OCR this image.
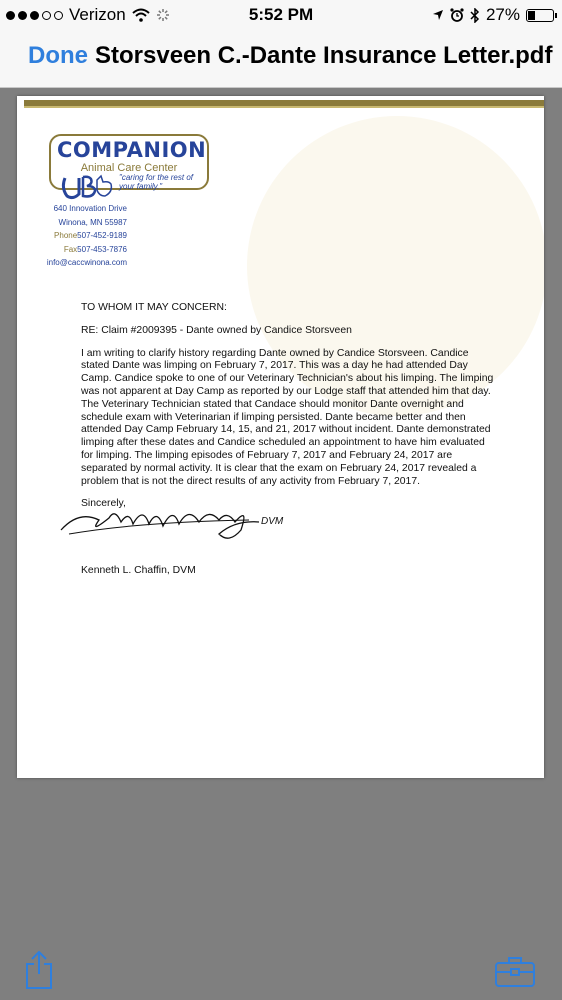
Verizon	5:52 PM	27%
Done Storsveen C.-Dante Insurance Letter.pdf
COMPANION
Animal Care Center
"caring for the rest of your family."
640 Innovation Drive
Winona, MN 55987
Phone507-452-9189
Fax507-453-7876
info@caccwinona.com

TO WHOM IT MAY CONCERN:

RE: Claim #2009395 - Dante owned by Candice Storsveen

I am writing to clarify history regarding Dante owned by Candice Storsveen. Candice stated Dante was limping on February 7, 2017. This was a day he had attended Day Camp. Candice spoke to one of our Veterinary Technician's about his limping. The limping was not apparent at Day Camp as reported by our Lodge staff that attended him that day. The Veterinary Technician stated that Candace should monitor Dante overnight and schedule exam with Veterinarian if limping persisted. Dante became better and then attended Day Camp February 14, 15, and 21, 2017 without incident. Dante demonstrated limping after these dates and Candice scheduled an appointment to have him evaluated for limping. The limping episodes of February 7, 2017 and February 24, 2017 are separated by normal activity. It is clear that the exam on February 24, 2017 revealed a problem that is not the direct results of any activity from February 7, 2017.

Sincerely,

Kenneth L. Chaffin, DVM

DVM
